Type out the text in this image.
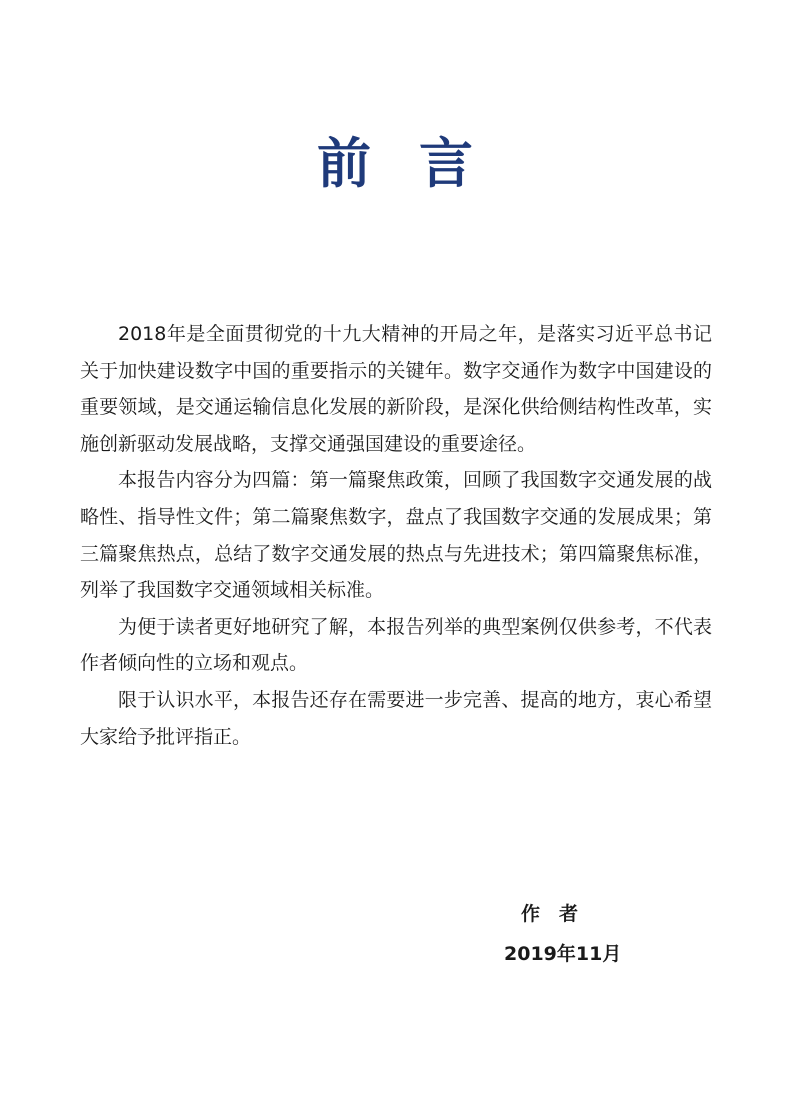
前言

2018年是全面贯彻党的十九大精神的开局之年，是落实习近平总书记关于加快建设数字中国的重要指示的关键年。数字交通作为数字中国建设的重要领域，是交通运输信息化发展的新阶段，是深化供给侧结构性改革，实施创新驱动发展战略，支撑交通强国建设的重要途径。

本报告内容分为四篇：第一篇聚焦政策，回顾了我国数字交通发展的战略性、指导性文件；第二篇聚焦数字，盘点了我国数字交通的发展成果；第三篇聚焦热点，总结了数字交通发展的热点与先进技术；第四篇聚焦标准，列举了我国数字交通领域相关标准。

为便于读者更好地研究了解，本报告列举的典型案例仅供参考，不代表作者倾向性的立场和观点。

限于认识水平，本报告还存在需要进一步完善、提高的地方，衷心希望大家给予批评指正。

作者
2019年11月
